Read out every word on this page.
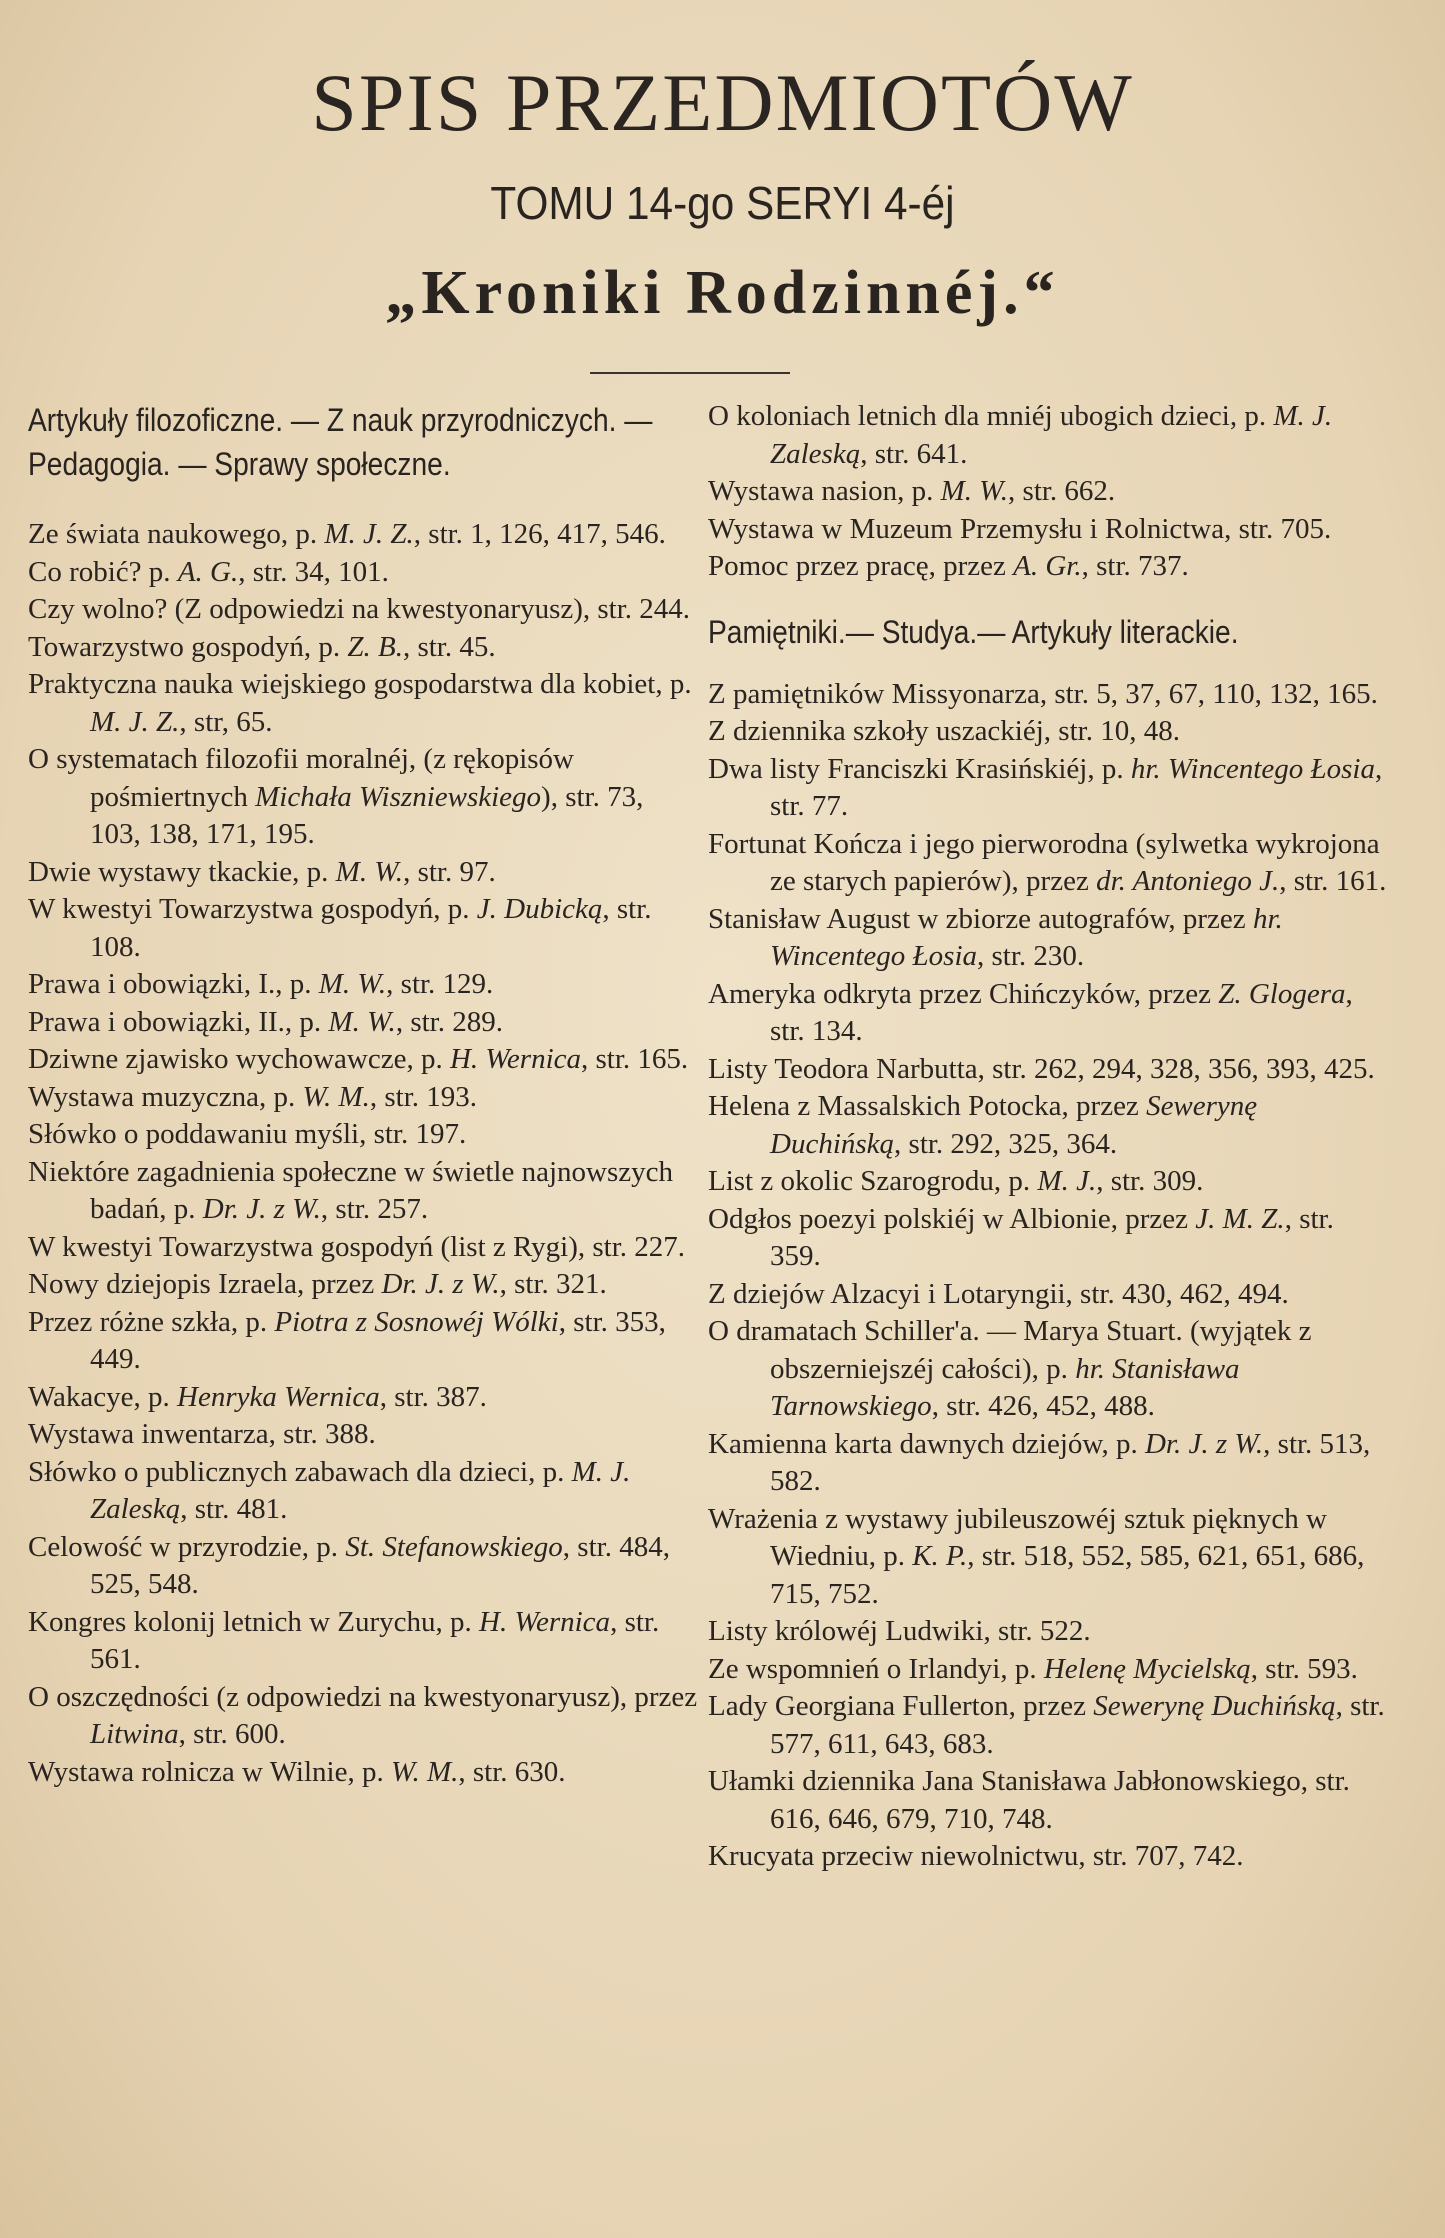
SPIS PRZEDMIOTÓW
TOMU 14-go SERYI 4-éj
„Kroniki Rodzinnéj.“
Artykuły filozoficzne. — Z nauk przyrodniczych. — Pedagogia. — Sprawy społeczne.
Ze świata naukowego, p. M. J. Z., str. 1, 126, 417, 546.
Co robić? p. A. G., str. 34, 101.
Czy wolno? (Z odpowiedzi na kwestyonaryusz), str. 244.
Towarzystwo gospodyń, p. Z. B., str. 45.
Praktyczna nauka wiejskiego gospodarstwa dla kobiet, p. M. J. Z., str, 65.
O systematach filozofii moralnéj, (z rękopisów pośmiertnych Michała Wiszniewskiego), str. 73, 103, 138, 171, 195.
Dwie wystawy tkackie, p. M. W., str. 97.
W kwestyi Towarzystwa gospodyń, p. J. Dubicką, str. 108.
Prawa i obowiązki, I., p. M. W., str. 129.
Prawa i obowiązki, II., p. M. W., str. 289.
Dziwne zjawisko wychowawcze, p. H. Wernica, str. 165.
Wystawa muzyczna, p. W. M., str. 193.
Słówko o poddawaniu myśli, str. 197.
Niektóre zagadnienia społeczne w świetle najnowszych badań, p. Dr. J. z W., str. 257.
W kwestyi Towarzystwa gospodyń (list z Rygi), str. 227.
Nowy dziejopis Izraela, przez Dr. J. z W., str. 321.
Przez różne szkła, p. Piotra z Sosnowéj Wólki, str. 353, 449.
Wakacye, p. Henryka Wernica, str. 387.
Wystawa inwentarza, str. 388.
Słówko o publicznych zabawach dla dzieci, p. M. J. Zaleską, str. 481.
Celowość w przyrodzie, p. St. Stefanowskiego, str. 484, 525, 548.
Kongres kolonij letnich w Zurychu, p. H. Wernica, str. 561.
O oszczędności (z odpowiedzi na kwestyonaryusz), przez Litwina, str. 600.
Wystawa rolnicza w Wilnie, p. W. M., str. 630.
O koloniach letnich dla mniéj ubogich dzieci, p. M. J. Zaleską, str. 641.
Wystawa nasion, p. M. W., str. 662.
Wystawa w Muzeum Przemysłu i Rolnictwa, str. 705.
Pomoc przez pracę, przez A. Gr., str. 737.
Pamiętniki.— Studya.— Artykuły literackie.
Z pamiętników Missyonarza, str. 5, 37, 67, 110, 132, 165.
Z dziennika szkoły uszackiéj, str. 10, 48.
Dwa listy Franciszki Krasińskiéj, p. hr. Wincentego Łosia, str. 77.
Fortunat Kończa i jego pierworodna (sylwetka wykrojona ze starych papierów), przez dr. Antoniego J., str. 161.
Stanisław August w zbiorze autografów, przez hr. Wincentego Łosia, str. 230.
Ameryka odkryta przez Chińczyków, przez Z. Glogera, str. 134.
Listy Teodora Narbutta, str. 262, 294, 328, 356, 393, 425.
Helena z Massalskich Potocka, przez Sewerynę Duchińską, str. 292, 325, 364.
List z okolic Szarogrodu, p. M. J., str. 309.
Odgłos poezyi polskiéj w Albionie, przez J. M. Z., str. 359.
Z dziejów Alzacyi i Lotaryngii, str. 430, 462, 494.
O dramatach Schiller'a. — Marya Stuart. (wyjątek z obszerniejszéj całości), p. hr. Stanisława Tarnowskiego, str. 426, 452, 488.
Kamienna karta dawnych dziejów, p. Dr. J. z W., str. 513, 582.
Wrażenia z wystawy jubileuszowéj sztuk pięknych w Wiedniu, p. K. P., str. 518, 552, 585, 621, 651, 686, 715, 752.
Listy królowéj Ludwiki, str. 522.
Ze wspomnień o Irlandyi, p. Helenę Mycielską, str. 593.
Lady Georgiana Fullerton, przez Sewerynę Duchińską, str. 577, 611, 643, 683.
Ułamki dziennika Jana Stanisława Jabłonowskiego, str. 616, 646, 679, 710, 748.
Krucyata przeciw niewolnictwu, str. 707, 742.
